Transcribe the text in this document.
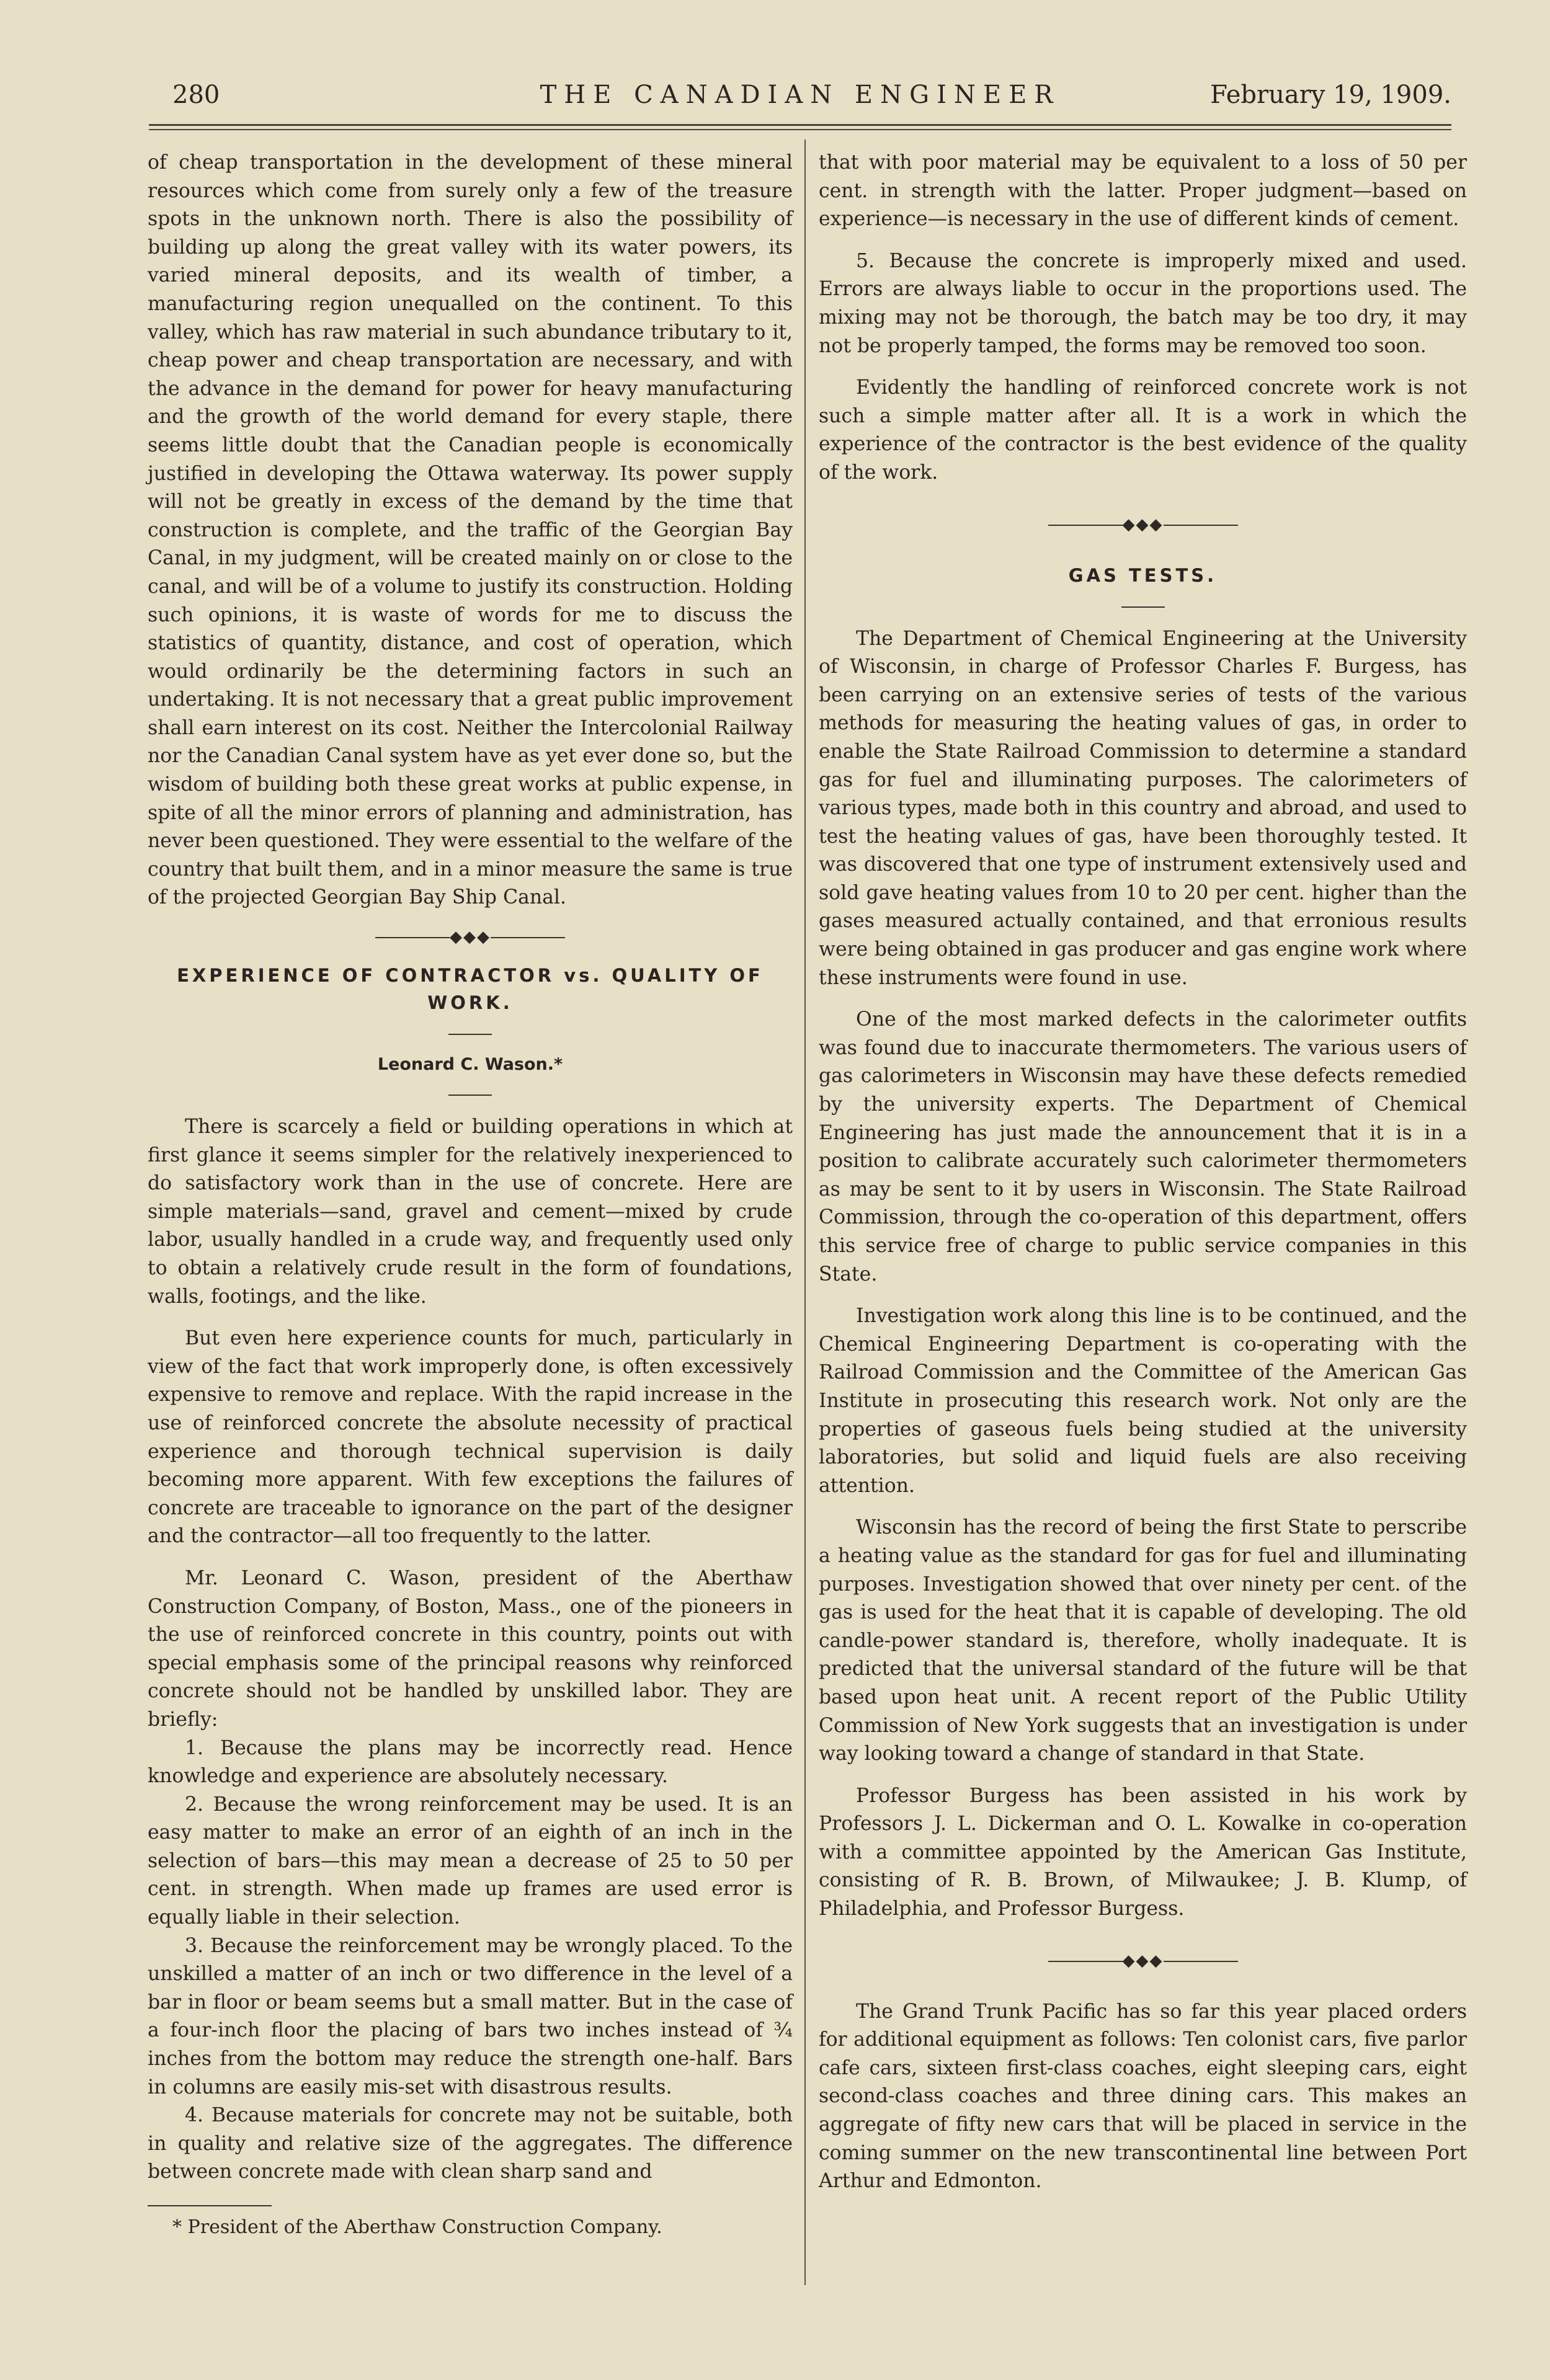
THE CANADIAN ENGINEER
280	February 19, 1909.

of cheap transportation in the development of these mineral resources which come from surely only a few of the treasure spots in the unknown north. There is also the possibility of building up along the great valley with its water powers, its varied mineral deposits, and its wealth of timber, a manufacturing region unequalled on the continent. To this valley, which has raw material in such abundance tributary to it, cheap power and cheap transportation are necessary, and with the advance in the demand for power for heavy manufacturing and the growth of the world demand for every staple, there seems little doubt that the Canadian people is economically justified in developing the Ottawa waterway. Its power supply will not be greatly in excess of the demand by the time that construction is complete, and the traffic of the Georgian Bay Canal, in my judgment, will be created mainly on or close to the canal, and will be of a volume to justify its construction. Holding such opinions, it is waste of words for me to discuss the statistics of quantity, distance, and cost of operation, which would ordinarily be the determining factors in such an undertaking. It is not necessary that a great public improvement shall earn interest on its cost. Neither the Intercolonial Railway nor the Canadian Canal system have as yet ever done so, but the wisdom of building both these great works at public expense, in spite of all the minor errors of planning and administration, has never been questioned. They were essential to the welfare of the country that built them, and in a minor measure the same is true of the projected Georgian Bay Ship Canal.

◆◆◆
EXPERIENCE OF CONTRACTOR vs. QUALITY OF WORK.
Leonard C. Wason.*

There is scarcely a field or building operations in which at first glance it seems simpler for the relatively inexperienced to do satisfactory work than in the use of concrete. Here are simple materials—sand, gravel and cement—mixed by crude labor, usually handled in a crude way, and frequently used only to obtain a relatively crude result in the form of foundations, walls, footings, and the like.

But even here experience counts for much, particularly in view of the fact that work improperly done, is often excessively expensive to remove and replace. With the rapid increase in the use of reinforced concrete the absolute necessity of practical experience and thorough technical supervision is daily becoming more apparent. With few exceptions the failures of concrete are traceable to ignorance on the part of the designer and the contractor—all too frequently to the latter.

Mr. Leonard C. Wason, president of the Aberthaw Construction Company, of Boston, Mass., one of the pioneers in the use of reinforced concrete in this country, points out with special emphasis some of the principal reasons why reinforced concrete should not be handled by unskilled labor. They are briefly:

1. Because the plans may be incorrectly read. Hence knowledge and experience are absolutely necessary.

2. Because the wrong reinforcement may be used. It is an easy matter to make an error of an eighth of an inch in the selection of bars—this may mean a decrease of 25 to 50 per cent. in strength. When made up frames are used error is equally liable in their selection.

3. Because the reinforcement may be wrongly placed. To the unskilled a matter of an inch or two difference in the level of a bar in floor or beam seems but a small matter. But in the case of a four-inch floor the placing of bars two inches instead of ¾ inches from the bottom may reduce the strength one-half. Bars in columns are easily mis-set with disastrous results.

4. Because materials for concrete may not be suitable, both in quality and relative size of the aggregates. The difference between concrete made with clean sharp sand and

* President of the Aberthaw Construction Company.

that with poor material may be equivalent to a loss of 50 per cent. in strength with the latter. Proper judgment—based on experience—is necessary in the use of different kinds of cement.

5. Because the concrete is improperly mixed and used. Errors are always liable to occur in the proportions used. The mixing may not be thorough, the batch may be too dry, it may not be properly tamped, the forms may be removed too soon.

Evidently the handling of reinforced concrete work is not such a simple matter after all. It is a work in which the experience of the contractor is the best evidence of the quality of the work.

◆◆◆
GAS TESTS.

The Department of Chemical Engineering at the University of Wisconsin, in charge of Professor Charles F. Burgess, has been carrying on an extensive series of tests of the various methods for measuring the heating values of gas, in order to enable the State Railroad Commission to determine a standard gas for fuel and illuminating purposes. The calorimeters of various types, made both in this country and abroad, and used to test the heating values of gas, have been thoroughly tested. It was discovered that one type of instrument extensively used and sold gave heating values from 10 to 20 per cent. higher than the gases measured actually contained, and that erronious results were being obtained in gas producer and gas engine work where these instruments were found in use.

One of the most marked defects in the calorimeter outfits was found due to inaccurate thermometers. The various users of gas calorimeters in Wisconsin may have these defects remedied by the university experts. The Department of Chemical Engineering has just made the announcement that it is in a position to calibrate accurately such calorimeter thermometers as may be sent to it by users in Wisconsin. The State Railroad Commission, through the co-operation of this department, offers this service free of charge to public service companies in this State.

Investigation work along this line is to be continued, and the Chemical Engineering Department is co-operating with the Railroad Commission and the Committee of the American Gas Institute in prosecuting this research work. Not only are the properties of gaseous fuels being studied at the university laboratories, but solid and liquid fuels are also receiving attention.

Wisconsin has the record of being the first State to perscribe a heating value as the standard for gas for fuel and illuminating purposes. Investigation showed that over ninety per cent. of the gas is used for the heat that it is capable of developing. The old candle-power standard is, therefore, wholly inadequate. It is predicted that the universal standard of the future will be that based upon heat unit. A recent report of the Public Utility Commission of New York suggests that an investigation is under way looking toward a change of standard in that State.

Professor Burgess has been assisted in his work by Professors J. L. Dickerman and O. L. Kowalke in co-operation with a committee appointed by the American Gas Institute, consisting of R. B. Brown, of Milwaukee; J. B. Klump, of Philadelphia, and Professor Burgess.

◆◆◆

The Grand Trunk Pacific has so far this year placed orders for additional equipment as follows: Ten colonist cars, five parlor cafe cars, sixteen first-class coaches, eight sleeping cars, eight second-class coaches and three dining cars. This makes an aggregate of fifty new cars that will be placed in service in the coming summer on the new transcontinental line between Port Arthur and Edmonton.
